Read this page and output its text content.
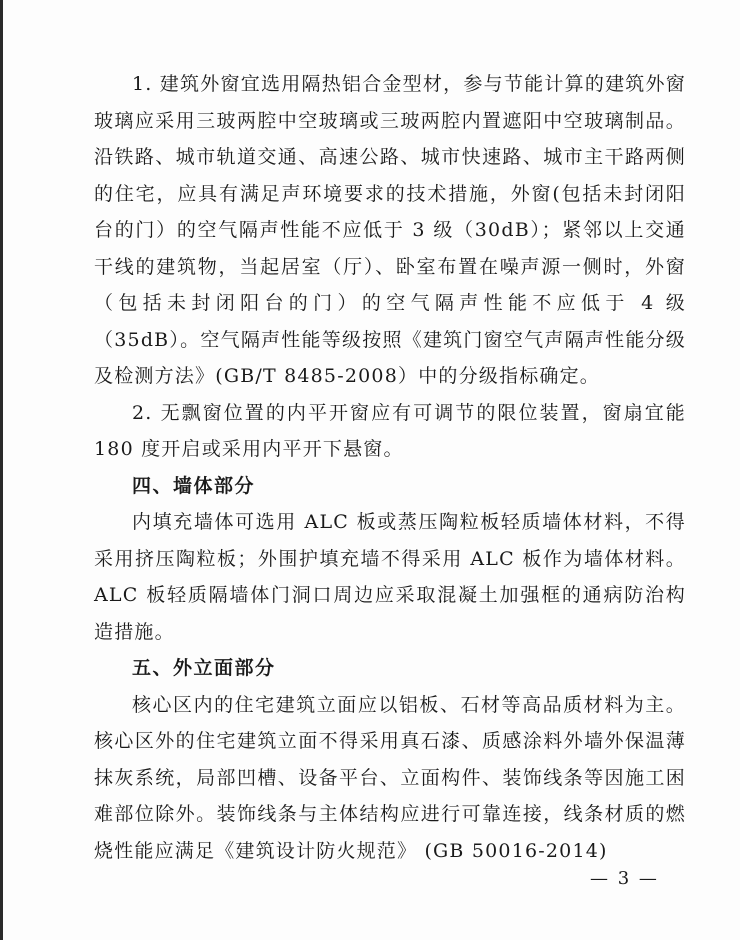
1. 建筑外窗宜选用隔热铝合金型材，参与节能计算的建筑外窗玻璃应采用三玻两腔中空玻璃或三玻两腔内置遮阳中空玻璃制品。沿铁路、城市轨道交通、高速公路、城市快速路、城市主干路两侧的住宅，应具有满足声环境要求的技术措施，外窗(包括未封闭阳台的门）的空气隔声性能不应低于 3 级（30dB）；紧邻以上交通干线的建筑物，当起居室（厅）、卧室布置在噪声源一侧时，外窗（包括未封闭阳台的门）的空气隔声性能不应低于 4 级（35dB）。空气隔声性能等级按照《建筑门窗空气声隔声性能分级及检测方法》(GB/T 8485-2008）中的分级指标确定。

2. 无飘窗位置的内平开窗应有可调节的限位装置，窗扇宜能 180 度开启或采用内平开下悬窗。

四、墙体部分

内填充墙体可选用 ALC 板或蒸压陶粒板轻质墙体材料，不得采用挤压陶粒板；外围护填充墙不得采用 ALC 板作为墙体材料。ALC 板轻质隔墙体门洞口周边应采取混凝土加强框的通病防治构造措施。

五、外立面部分

核心区内的住宅建筑立面应以铝板、石材等高品质材料为主。核心区外的住宅建筑立面不得采用真石漆、质感涂料外墙外保温薄抹灰系统，局部凹槽、设备平台、立面构件、装饰线条等因施工困难部位除外。装饰线条与主体结构应进行可靠连接，线条材质的燃烧性能应满足《建筑设计防火规范》 (GB 50016-2014)

— 3 —
